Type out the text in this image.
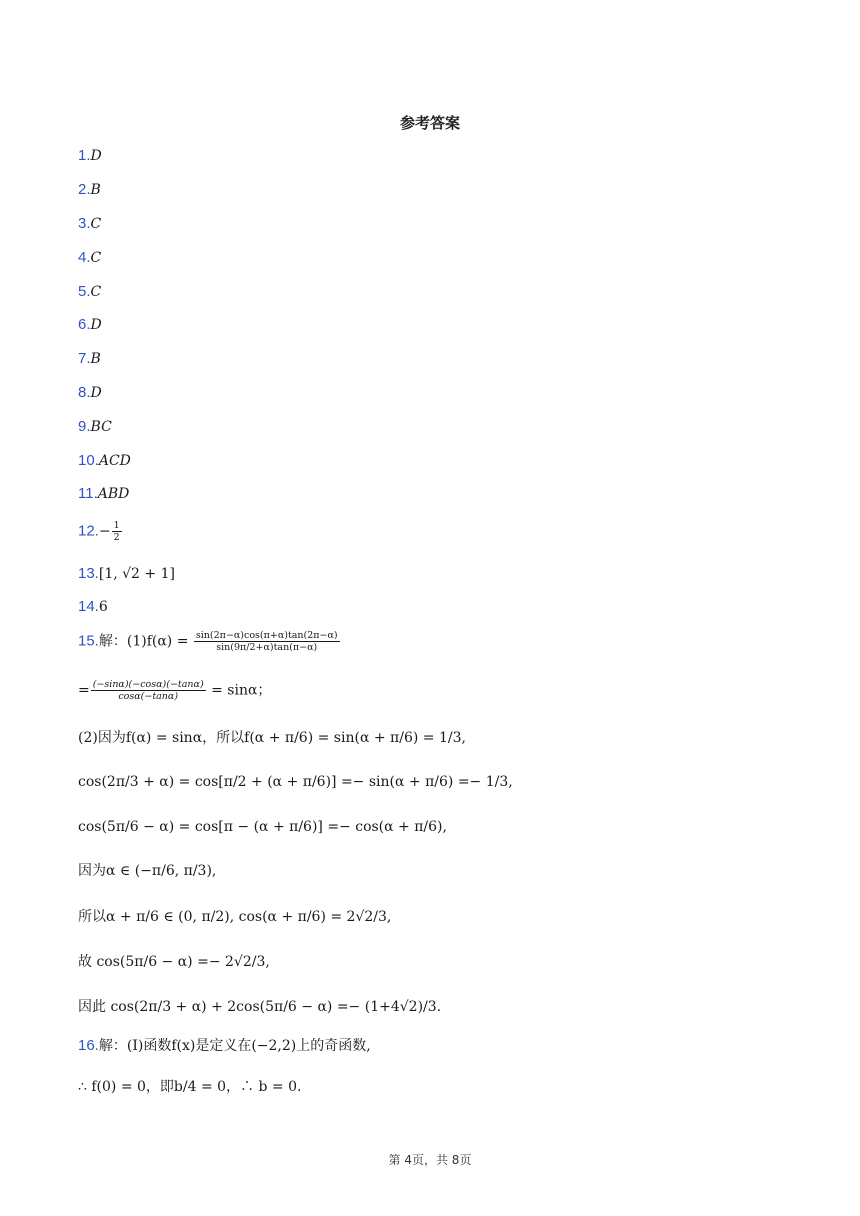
参考答案
1.D
2.B
3.C
4.C
5.C
6.D
7.B
8.D
9.BC
10.ACD
11.ABD
$12.- \frac{1}{2}$
13.[1, √2 + 1]
14.6
15.解：$(1)f(\alpha) = \frac{\sin(2\pi-\alpha)\cos(\pi+\alpha)\tan(2\pi-\alpha)}{\sin(9\pi/2+\alpha)\tan(\pi-\alpha)}$
= $\frac{(-\sin\alpha)(-\cos\alpha)(-\tan\alpha)}{\cos\alpha(-\tan\alpha)} = \sin\alpha$；
(2)因为f(α) = sinα，所以f(α + π/6) = sin(α + π/6) = 1/3,
cos(2π/3 + α) = cos[π/2 + (α + π/6)] =− sin(α + π/6) =− 1/3,
cos(5π/6 − α) = cos[π − (α + π/6)] =− cos(α + π/6),
因为α ∈ (−π/6, π/3),
所以α + π/6 ∈ (0, π/2), cos(α + π/6) = 2√2/3,
故 cos(5π/6 − α) =− 2√2/3,
因此 cos(2π/3 + α) + 2cos(5π/6 − α) =− (1+4√2)/3.
16.解：(I)函数f(x)是定义在(−2,2)上的奇函数,
∴ f(0) = 0，即b/4 = 0，∴ b = 0.
第 4页，共 8页
